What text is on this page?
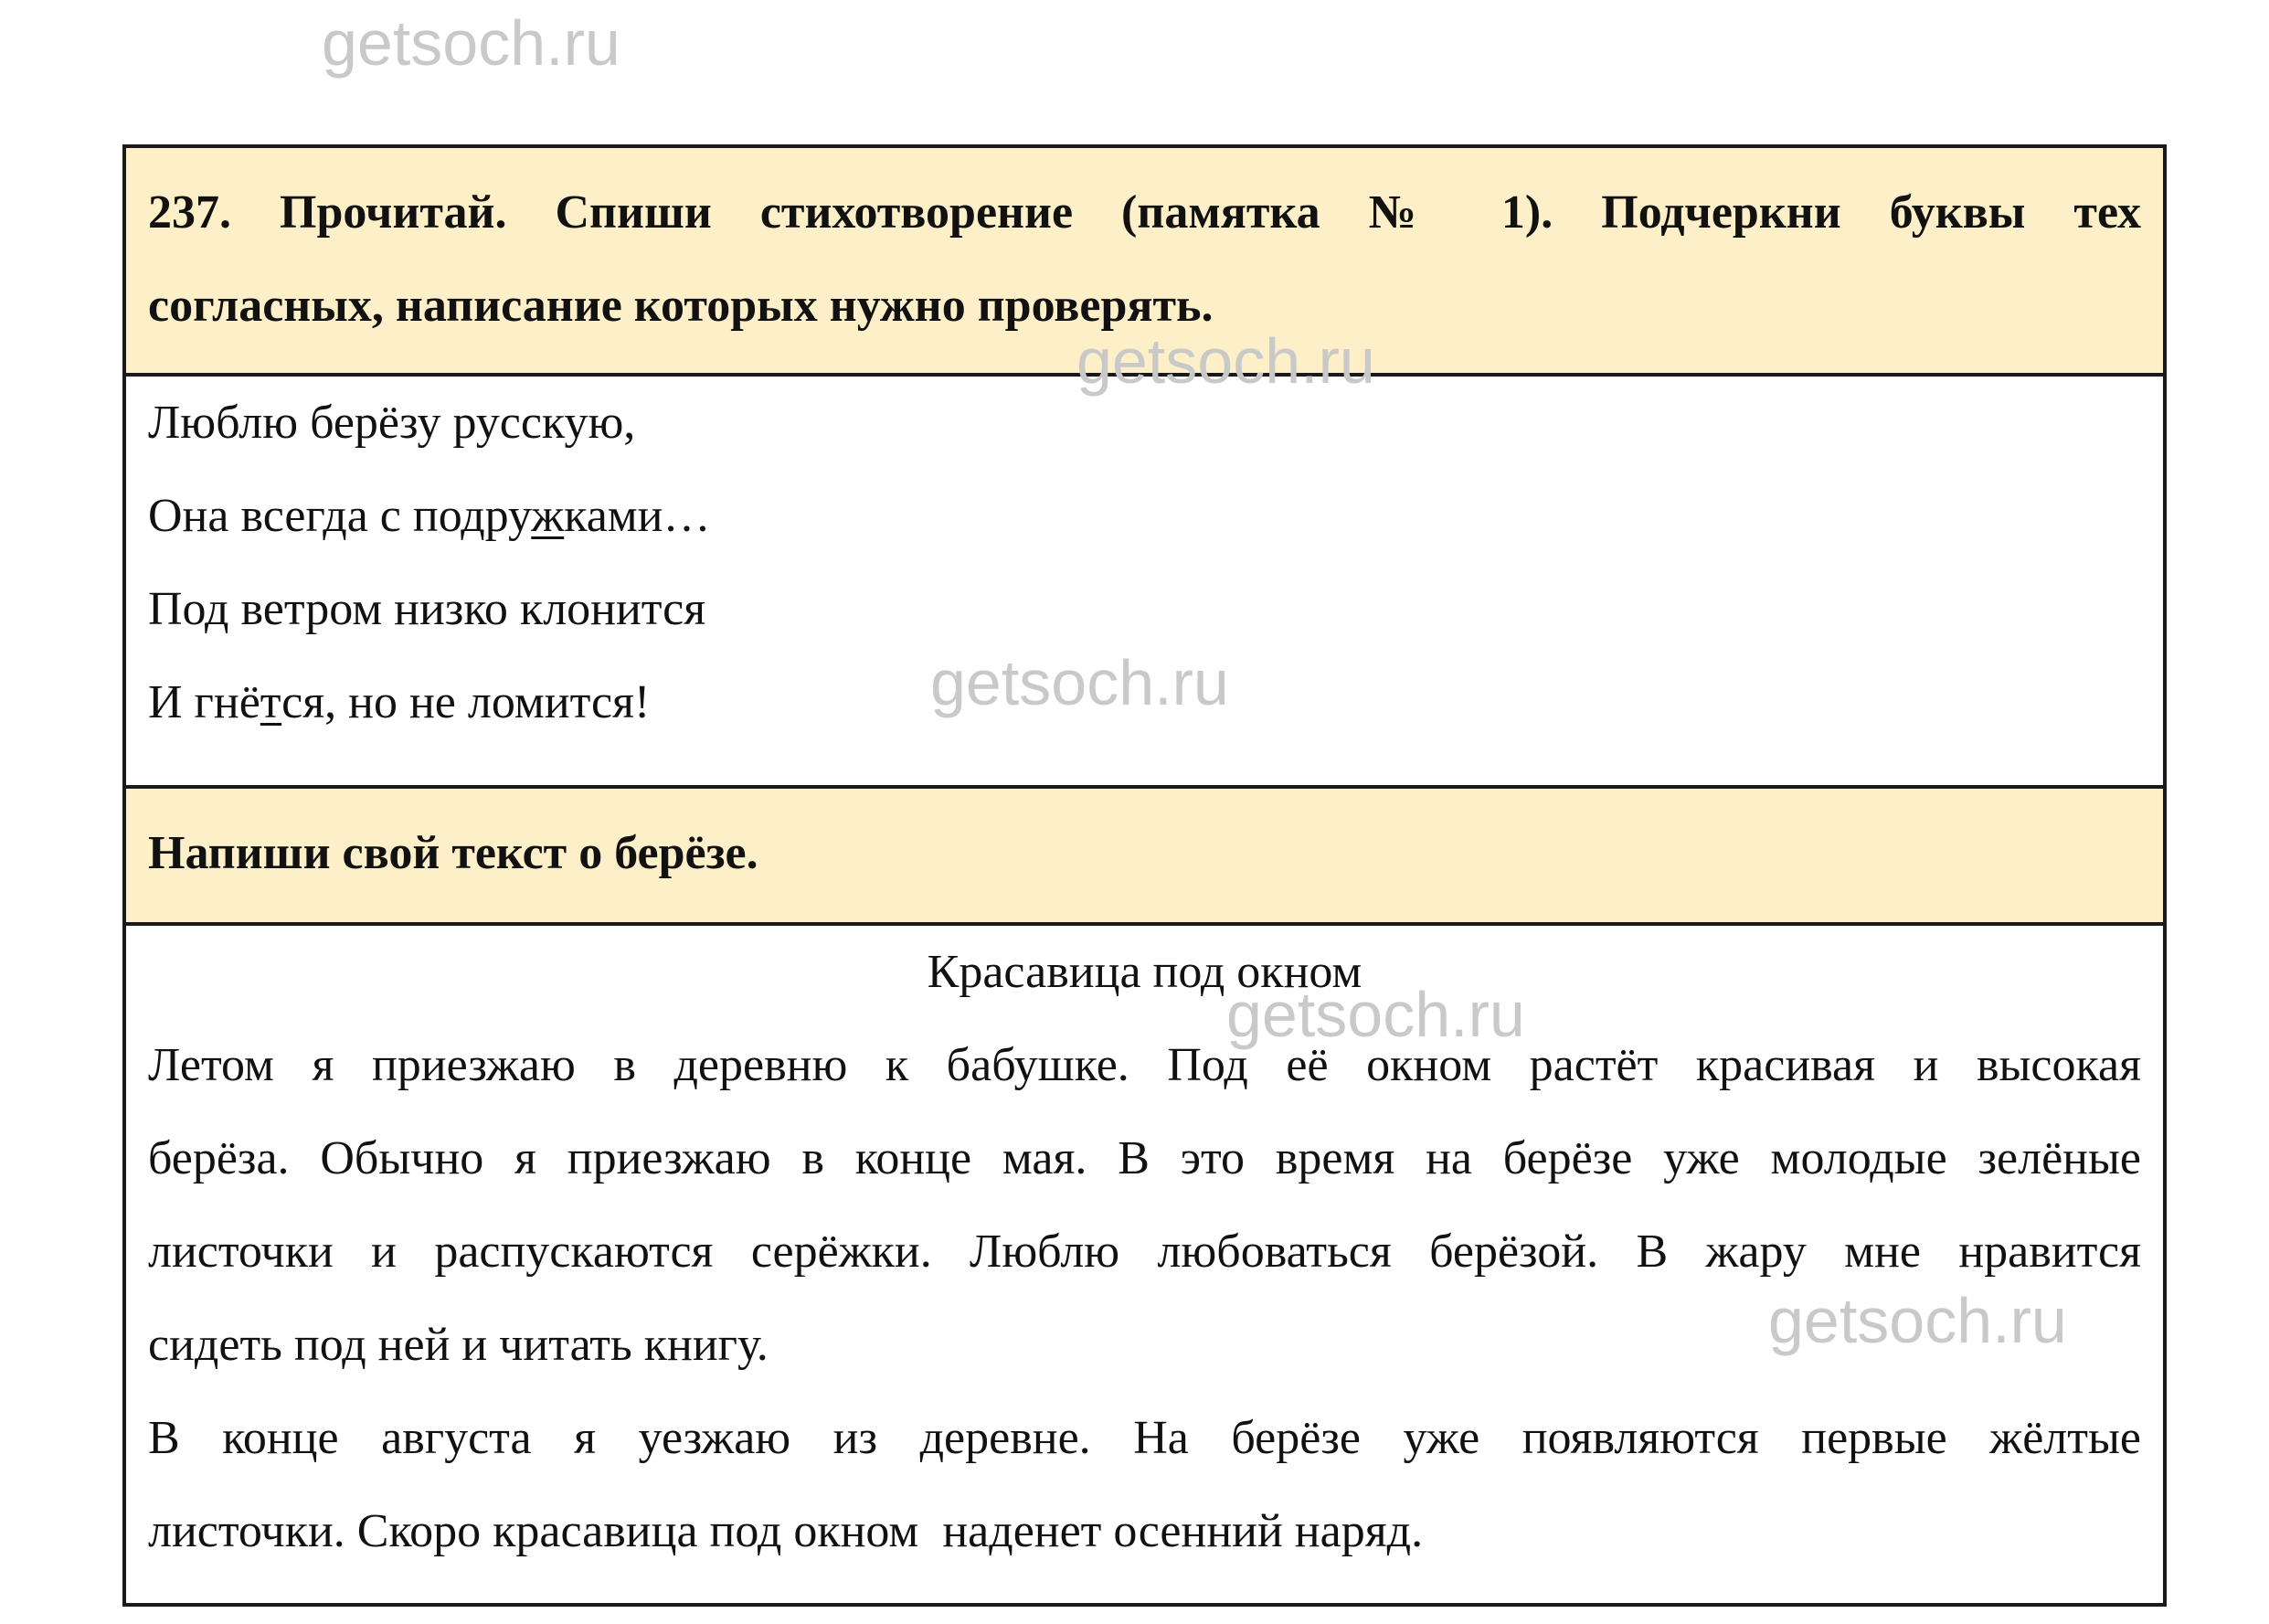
getsoch.ru
getsoch.ru
getsoch.ru
getsoch.ru
getsoch.ru
237. Прочитай. Спиши стихотворение (памятка № 1). Подчеркни буквы тех
согласных, написание которых нужно проверять.
Люблю берёзу русскую,
Она всегда с подружками…
Под ветром низко клонится
И гнётся, но не ломится!
Напиши свой текст о берёзе.
Красавица под окном
Летом я приезжаю в деревню к бабушке. Под её окном растёт красивая и высокая
берёза. Обычно я приезжаю в конце мая. В это время на берёзе уже молодые зелёные
листочки и распускаются серёжки. Люблю любоваться берёзой. В жару мне нравится
сидеть под ней и читать книгу.
В конце августа я уезжаю из деревне. На берёзе уже появляются первые жёлтые
листочки. Скоро красавица под окном  наденет осенний наряд.
